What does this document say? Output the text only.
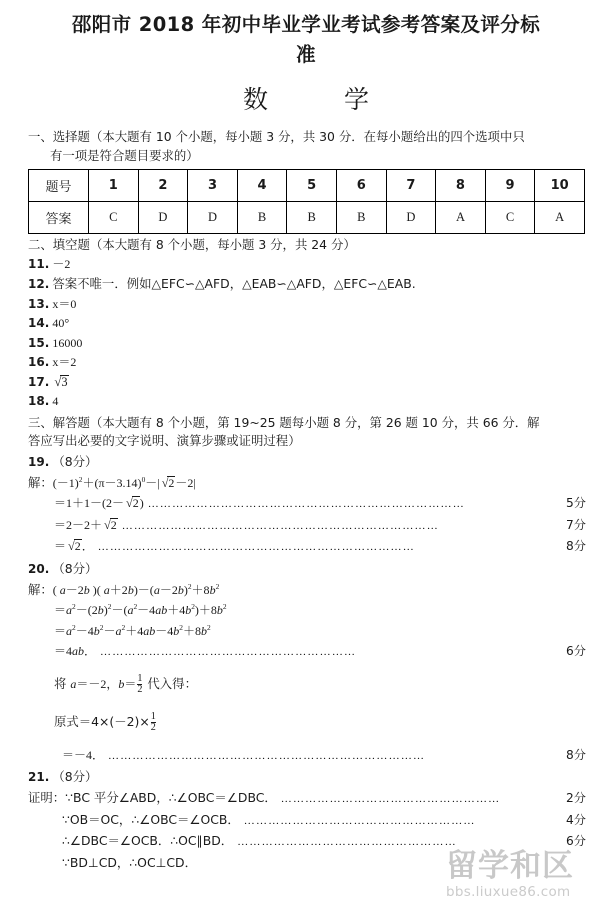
邵阳市 2018 年初中毕业学业考试参考答案及评分标
准
数 学
一、选择题（本大题有 10 个小题，每小题 3 分，共 30 分．在每小题给出的四个选项中只
有一项是符合题目要求的）
题号	1	2	3	4	5	6	7	8	9	10
答案	C	D	D	B	B	B	D	A	C	A
二、填空题（本大题有 8 个小题，每小题 3 分，共 24 分）
11. －2
12. 答案不唯一．例如△EFC∽△AFD，△EAB∽△AFD，△EFC∽△EAB.
13. x＝0
14. 40°
15. 16000
16. x＝2
17. √3
18. 4
三、解答题（本大题有 8 个小题，第 19~25 题每小题 8 分，第 26 题 10 分，共 66 分．解
答应写出必要的文字说明、演算步骤或证明过程）
19. （8分）
解：$(-1)^2+(\pi-3.14)^0-|$ √2－2|
＝1＋1－(2－ √2) ……………………………………………………………………	5分
＝2－2＋ √2 ……………………………………………………………………	7分
＝ √2． ……………………………………………………………………	8分
20. （8分）
解：( a－2b )( $a+2b)-(a-2b)^2+8b^2$
$=a^2-(2b)^2-(a^2-4ab+4b^2)+8b^2$
$=a^2-4b^2-a^2+4ab-4b^2+8b^2$
＝4ab． ………………………………………………………	6分
将 a＝－2，$b= \frac{1}{2}$ 代入得：
原式$=4\times(-2)\times \frac{1}{2}$
＝－4． ……………………………………………………………………	8分
21. （8分）
证明：∵BC 平分∠ABD，∴∠OBC＝∠DBC． ………………………………………………	2分
∵OB＝OC，∴∠OBC＝∠OCB． …………………………………………………	4分
∴∠DBC＝∠OCB．∴OC∥BD． ………………………………………………	6分
∵BD⊥CD，∴OC⊥CD．	留学和区
bbs.liuxue86.com
